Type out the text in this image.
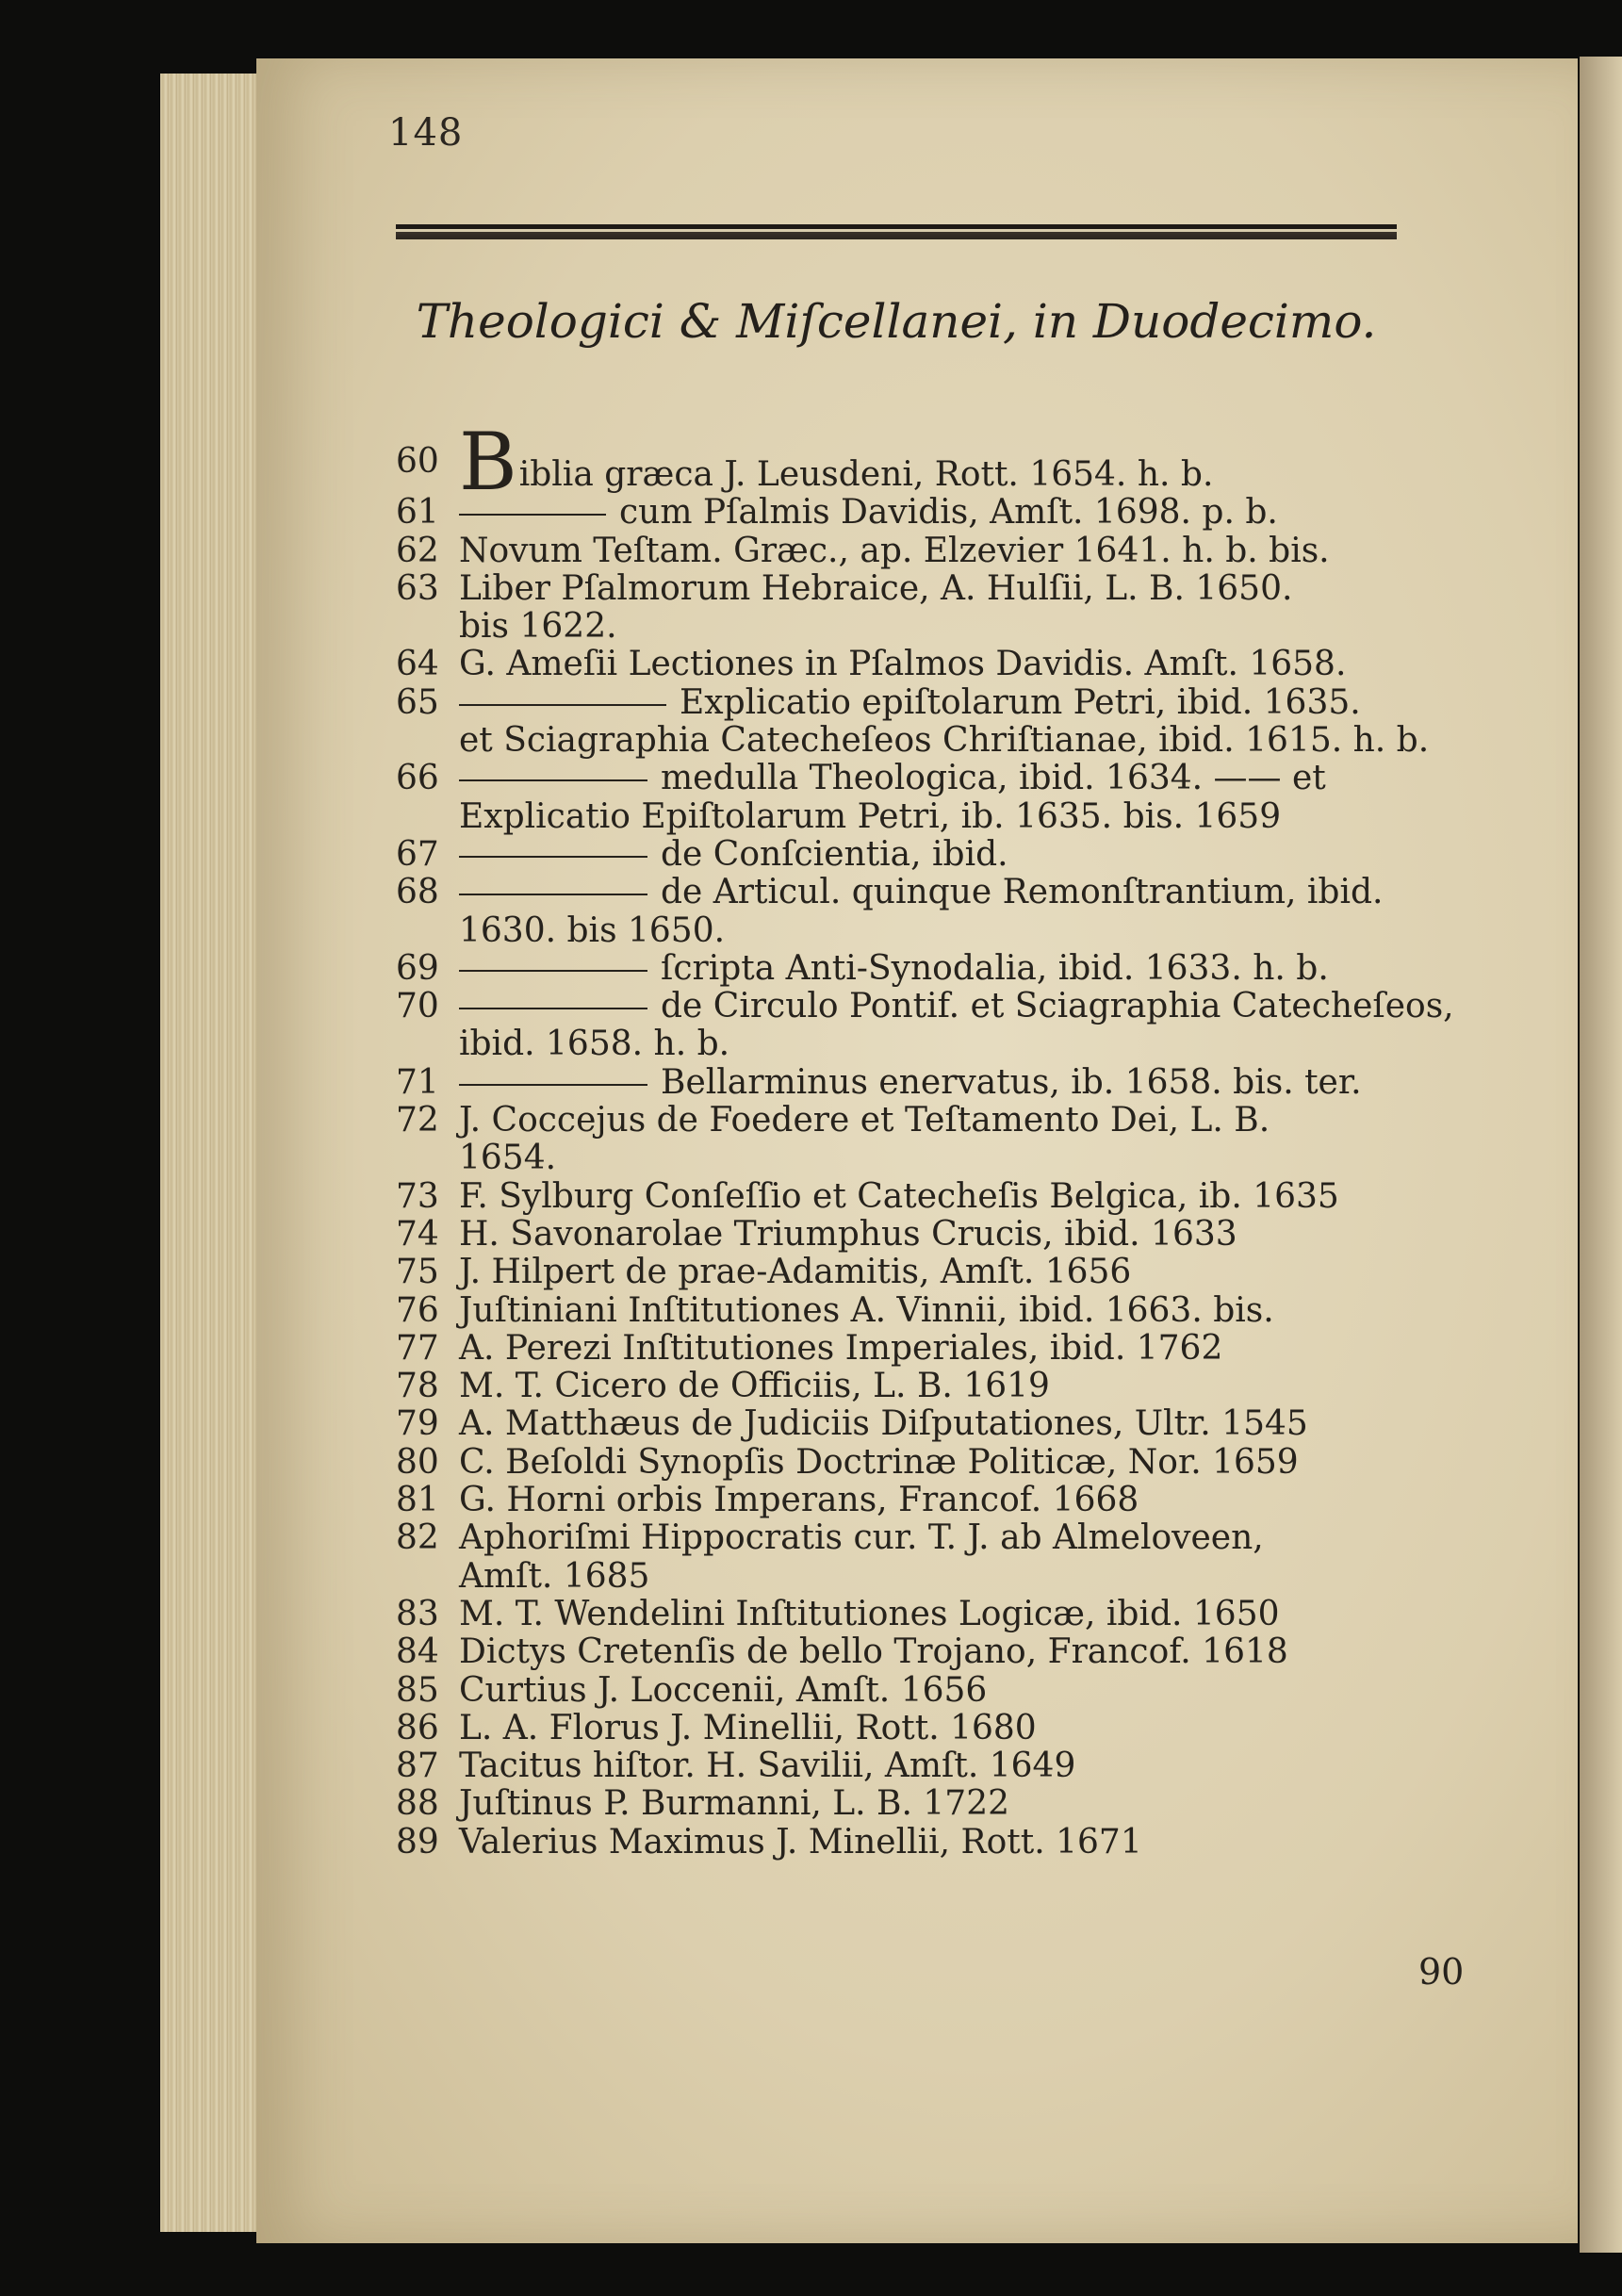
148
Theologici & Miſcellanei, in Duodecimo.
60 Biblia græca J. Leusdeni, Rott. 1654. h. b.
61	cum Pſalmis Davidis, Amſt. 1698. p. b.
62 Novum Teſtam. Græc., ap. Elzevier 1641. h. b. bis.
63 Liber Pſalmorum Hebraice, A. Hulſii, L. B. 1650.
bis 1622.
64 G. Ameſii Lectiones in Pſalmos Davidis. Amſt. 1658.
65	Explicatio epiſtolarum Petri, ibid. 1635.
et Sciagraphia Catecheſeos Chriſtianae, ibid. 1615. h. b.
66	medulla Theologica, ibid. 1634. —— et
Explicatio Epiſtolarum Petri, ib. 1635. bis. 1659
67	de Conſcientia, ibid.
68	de Articul. quinque Remonſtrantium, ibid.
1630. bis 1650.
69	ſcripta Anti-Synodalia, ibid. 1633. h. b.
70	de Circulo Pontif. et Sciagraphia Catecheſeos, ibid. 1658. h. b.
71	Bellarminus enervatus, ib. 1658. bis. ter.
72 J. Coccejus de Foedere et Teſtamento Dei, L. B.
1654.
73 F. Sylburg Conſeſſio et Catecheſis Belgica, ib. 1635
74 H. Savonarolae Triumphus Crucis, ibid. 1633
75 J. Hilpert de prae-Adamitis, Amſt. 1656
76 Juſtiniani Inſtitutiones A. Vinnii, ibid. 1663. bis.
77 A. Perezi Inſtitutiones Imperiales, ibid. 1762
78 M. T. Cicero de Officiis, L. B. 1619
79 A. Matthæus de Judiciis Diſputationes, Ultr. 1545
80 C. Beſoldi Synopſis Doctrinæ Politicæ, Nor. 1659
81 G. Horni orbis Imperans, Francof. 1668
82 Aphoriſmi Hippocratis cur. T. J. ab Almeloveen,
Amſt. 1685
83 M. T. Wendelini Inſtitutiones Logicæ, ibid. 1650
84 Dictys Cretenſis de bello Trojano, Francof. 1618
85 Curtius J. Loccenii, Amſt. 1656
86 L. A. Florus J. Minellii, Rott. 1680
87 Tacitus hiſtor. H. Savilii, Amſt. 1649
88 Juſtinus P. Burmanni, L. B. 1722
89 Valerius Maximus J. Minellii, Rott. 1671
90
